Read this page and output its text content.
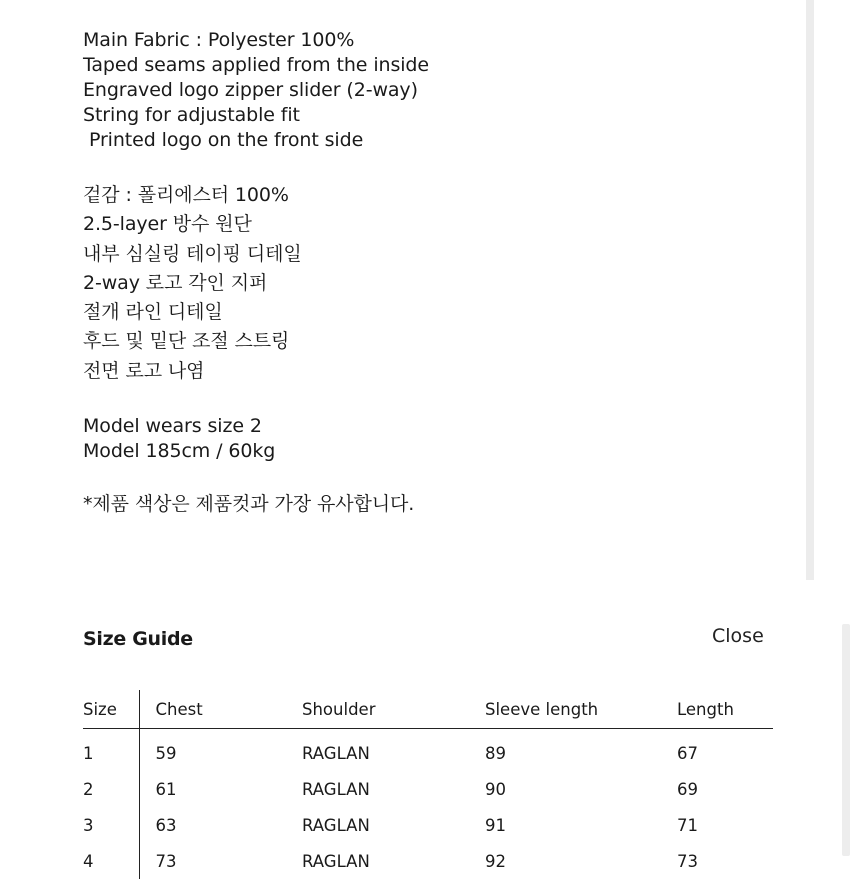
Main Fabric : Polyester 100%
Taped seams applied from the inside
Engraved logo zipper slider (2-way)
String for adjustable fit
Printed logo on the front side
겉감 : 폴리에스터 100%
2.5-layer 방수 원단
내부 심실링 테이핑 디테일
2-way 로고 각인 지퍼
절개 라인 디테일
후드 및 밑단 조절 스트링
전면 로고 나염
Model wears size 2
Model 185cm / 60kg
*제품 색상은 제품컷과 가장 유사합니다.
Size Guide	Close
Size	Chest	Shoulder	Sleeve length	Length
1	59	RAGLAN	89	67
2	61	RAGLAN	90	69
3	63	RAGLAN	91	71
4	73	RAGLAN	92	73
